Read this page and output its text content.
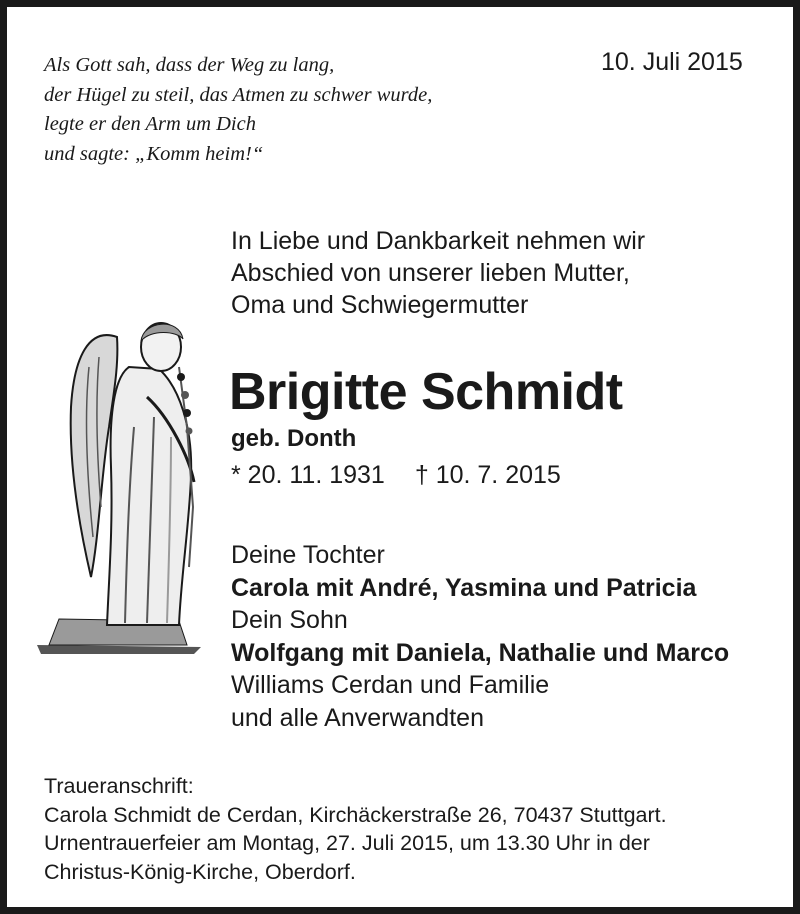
Als Gott sah, dass der Weg zu lang,
der Hügel zu steil, das Atmen zu schwer wurde,
legte er den Arm um Dich
und sagte: „Komm heim!“
10. Juli 2015
In Liebe und Dankbarkeit nehmen wir
Abschied von unserer lieben Mutter,
Oma und Schwiegermutter
Brigitte Schmidt
geb. Donth
* 20. 11. 1931 † 10. 7. 2015
Deine Tochter
Carola mit André, Yasmina und Patricia
Dein Sohn
Wolfgang mit Daniela, Nathalie und Marco
Williams Cerdan und Familie
und alle Anverwandten
Traueranschrift:
Carola Schmidt de Cerdan, Kirchäckerstraße 26, 70437 Stuttgart.
Urnentrauerfeier am Montag, 27. Juli 2015, um 13.30 Uhr in der
Christus-König-Kirche, Oberdorf.
